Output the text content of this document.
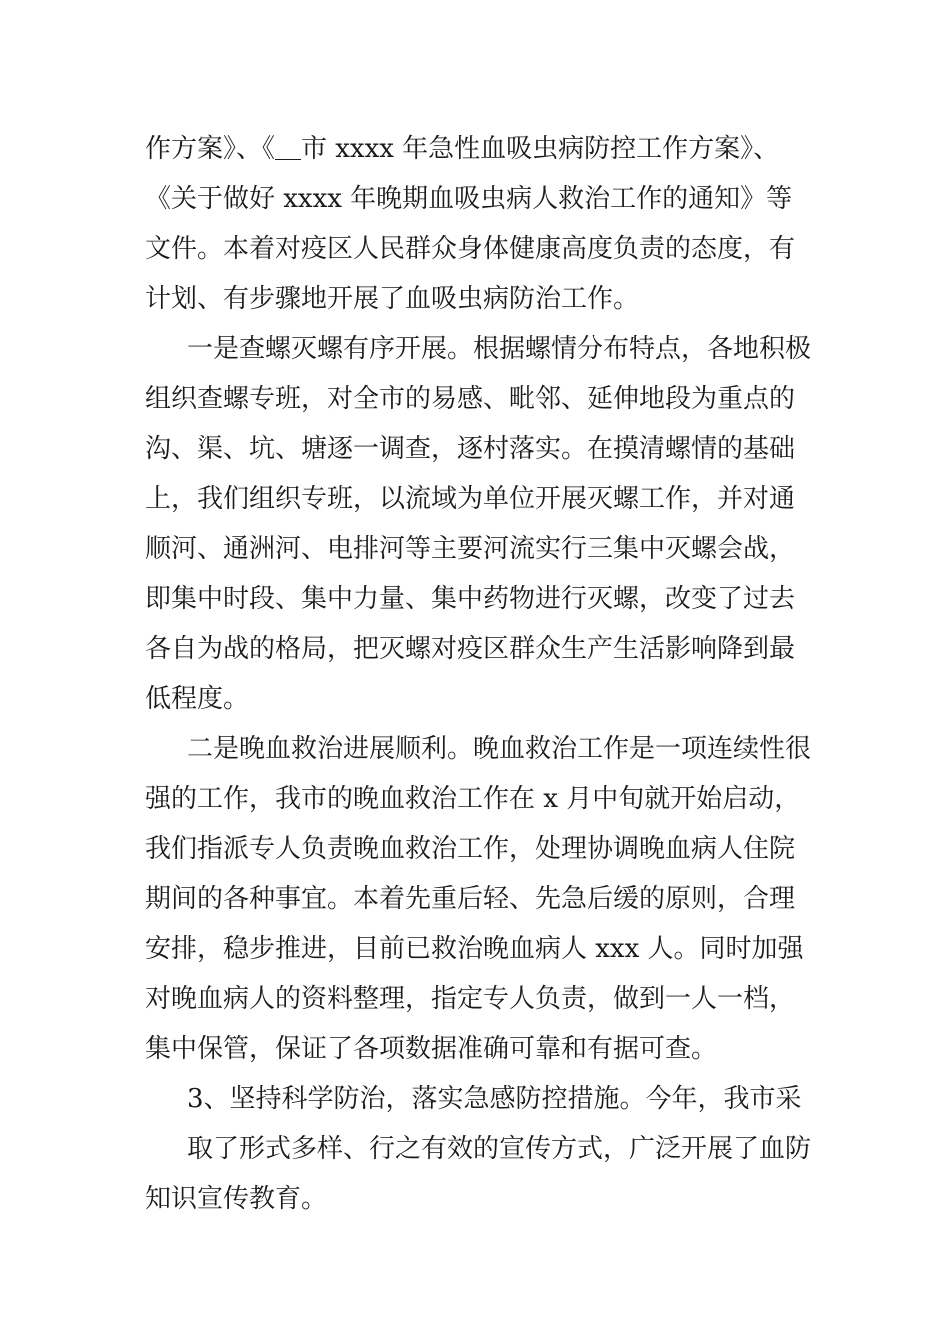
作方案》、《＿市 xxxx 年急性血吸虫病防控工作方案》、
《关于做好 xxxx 年晚期血吸虫病人救治工作的通知》等
文件。本着对疫区人民群众身体健康高度负责的态度，有
计划、有步骤地开展了血吸虫病防治工作。
一是查螺灭螺有序开展。根据螺情分布特点，各地积极
组织查螺专班，对全市的易感、毗邻、延伸地段为重点的
沟、渠、坑、塘逐一调查，逐村落实。在摸清螺情的基础
上，我们组织专班，以流域为单位开展灭螺工作，并对通
顺河、通洲河、电排河等主要河流实行三集中灭螺会战，
即集中时段、集中力量、集中药物进行灭螺，改变了过去
各自为战的格局，把灭螺对疫区群众生产生活影响降到最
低程度。
二是晚血救治进展顺利。晚血救治工作是一项连续性很
强的工作，我市的晚血救治工作在 x 月中旬就开始启动，
我们指派专人负责晚血救治工作，处理协调晚血病人住院
期间的各种事宜。本着先重后轻、先急后缓的原则，合理
安排，稳步推进，目前已救治晚血病人 xxx 人。同时加强
对晚血病人的资料整理，指定专人负责，做到一人一档，
集中保管，保证了各项数据准确可靠和有据可查。
3、坚持科学防治，落实急感防控措施。今年，我市采
取了形式多样、行之有效的宣传方式，广泛开展了血防
知识宣传教育。
